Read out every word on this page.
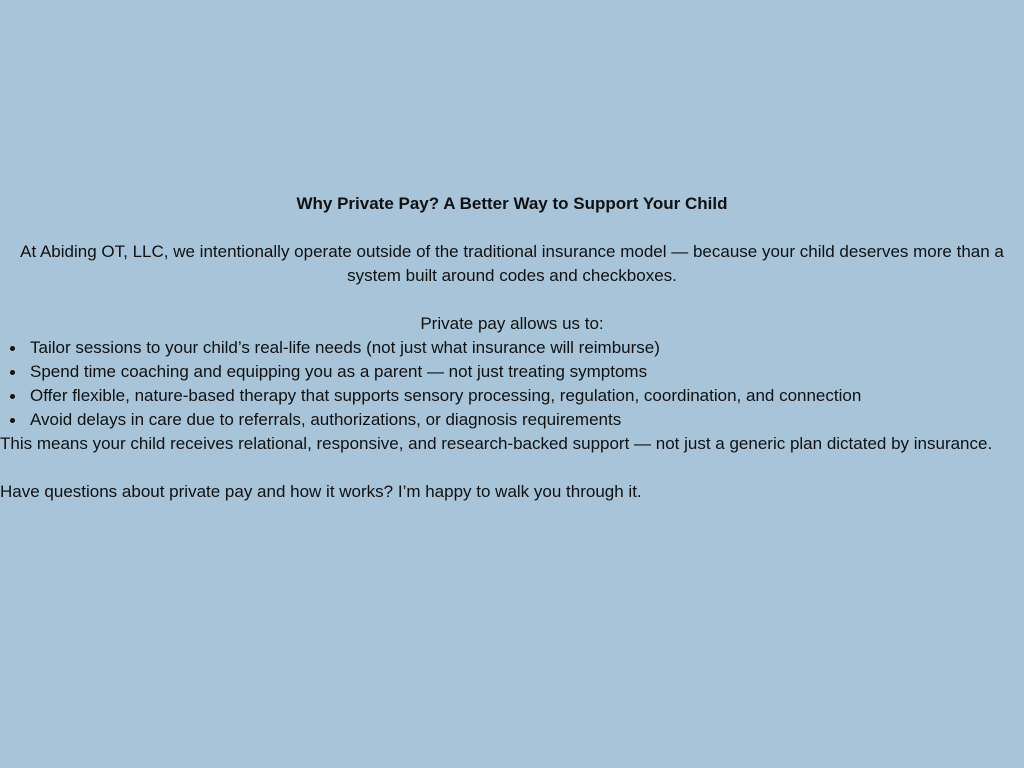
Why Private Pay? A Better Way to Support Your Child

At Abiding OT, LLC, we intentionally operate outside of the traditional insurance model — because your child deserves more than a system built around codes and checkboxes.

Private pay allows us to:

Tailor sessions to your child’s real-life needs (not just what insurance will reimburse)
Spend time coaching and equipping you as a parent — not just treating symptoms
Offer flexible, nature-based therapy that supports sensory processing, regulation, coordination, and connection
Avoid delays in care due to referrals, authorizations, or diagnosis requirements

This means your child receives relational, responsive, and research-backed support — not just a generic plan dictated by insurance.

Have questions about private pay and how it works? I’m happy to walk you through it.
